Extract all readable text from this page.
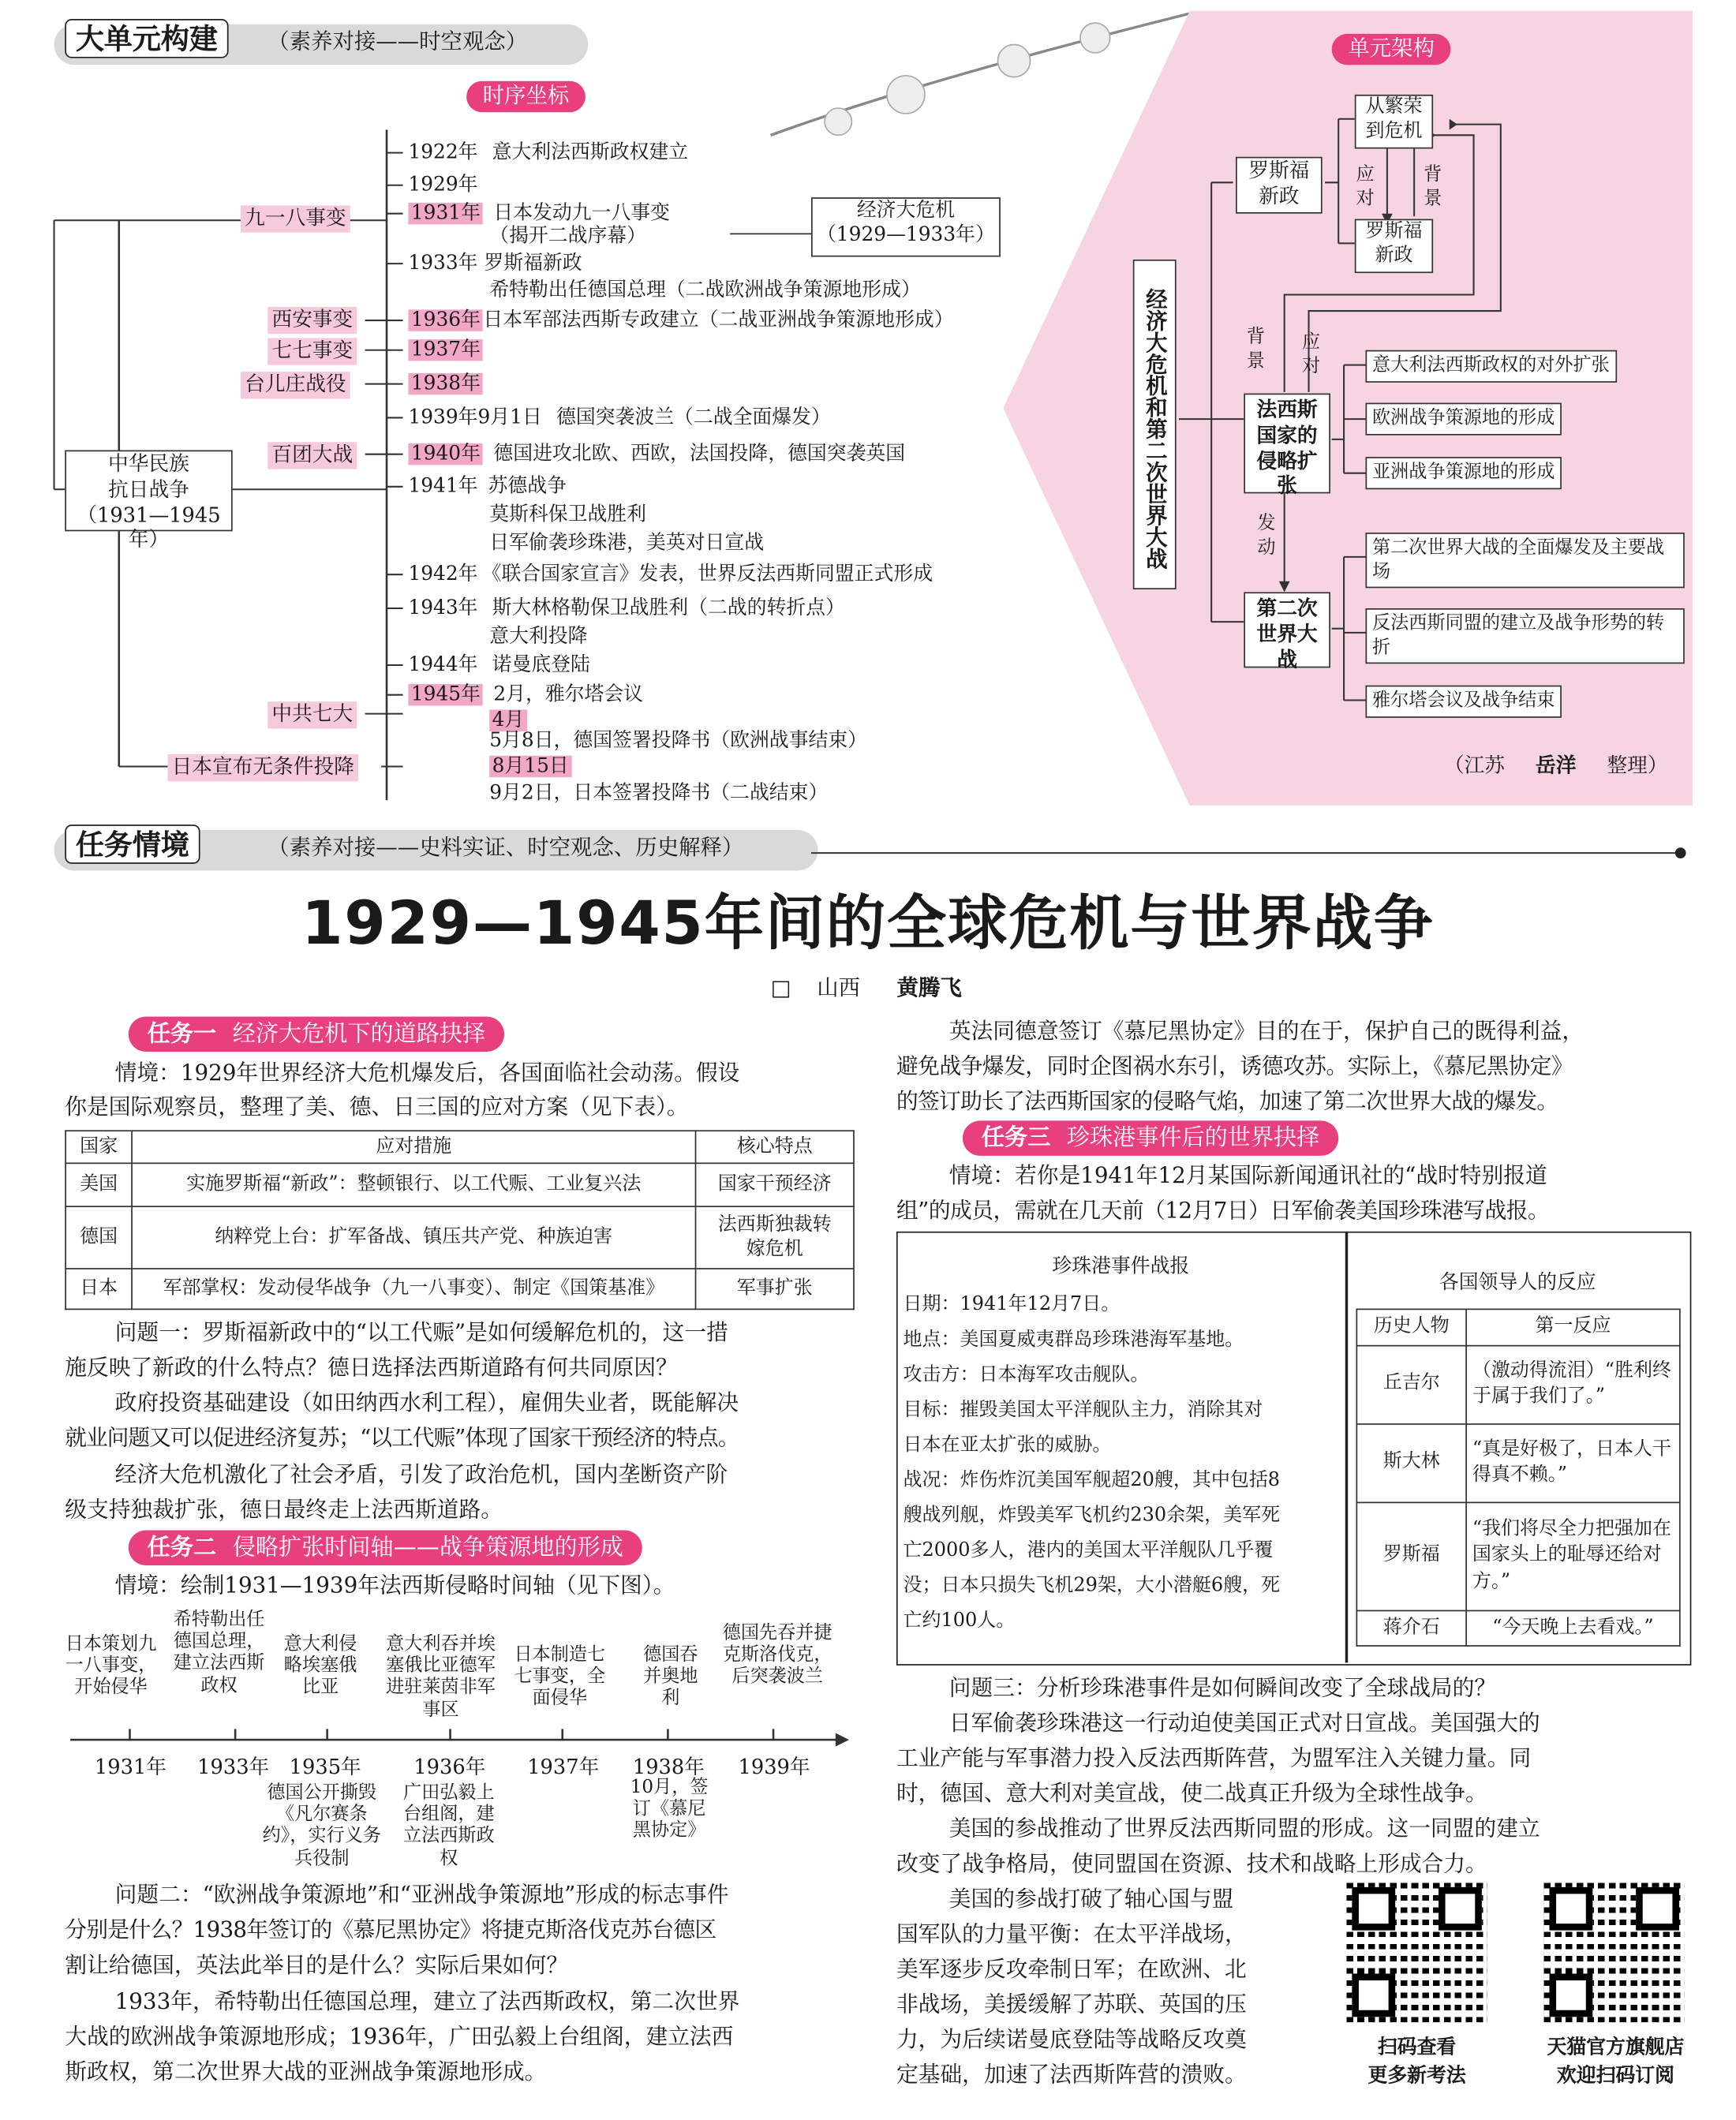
大单元构建	（素养对接——时空观念）
时序坐标
中华民族
抗日战争
（1931—1945年）
九一八事变
西安事变
七七事变
台儿庄战役
百团大战
中共七大
日本宣布无条件投降
经济大危机
（1929—1933年）
1922年 意大利法西斯政权建立
1929年
1931年 日本发动九一八事变
（揭开二战序幕）
1933年 罗斯福新政
希特勒出任德国总理（二战欧洲战争策源地形成）
1936年 日本军部法西斯专政建立（二战亚洲战争策源地形成）
1937年
1938年
1939年9月1日 德国突袭波兰（二战全面爆发）
1940年 德国进攻北欧、西欧，法国投降，德国突袭英国
1941年 苏德战争
莫斯科保卫战胜利
日军偷袭珍珠港，美英对日宣战
1942年 《联合国家宣言》发表，世界反法西斯同盟正式形成
1943年 斯大林格勒保卫战胜利（二战的转折点）
意大利投降
1944年 诺曼底登陆
1945年 2月，雅尔塔会议
4月
5月8日，德国签署投降书（欧洲战事结束）
8月15日
9月2日，日本签署投降书（二战结束）
单元架构
经济大危机和第二次世界大战
罗斯福新政
从繁荣到危机
罗斯福新政
应对
背景
背景
应对
法西斯国家的侵略扩张
发动
第二次世界大战
意大利法西斯政权的对外扩张
欧洲战争策源地的形成
亚洲战争策源地的形成
第二次世界大战的全面爆发及主要战场
反法西斯同盟的建立及战争形势的转折
雅尔塔会议及战争结束
（江苏	岳洋	整理）
任务情境	（素养对接——史料实证、时空观念、历史解释）
1929—1945年间的全球危机与世界战争
□ 山西	黄腾飞
任务一 经济大危机下的道路抉择
情境：1929年世界经济大危机爆发后，各国面临社会动荡。假设
你是国际观察员，整理了美、德、日三国的应对方案（见下表）。
国家	应对措施	核心特点
美国	实施罗斯福“新政”：整顿银行、以工代赈、工业复兴法	国家干预经济
德国	纳粹党上台：扩军备战、镇压共产党、种族迫害	法西斯独裁转嫁危机

日本	军部掌权：发动侵华战争（九一八事变）、制定《国策基准》	军事扩张
问题一：罗斯福新政中的“以工代赈”是如何缓解危机的，这一措
施反映了新政的什么特点？德日选择法西斯道路有何共同原因？
政府投资基础建设（如田纳西水利工程），雇佣失业者，既能解决
就业问题又可以促进经济复苏；“以工代赈”体现了国家干预经济的特点。
经济大危机激化了社会矛盾，引发了政治危机，国内垄断资产阶
级支持独裁扩张，德日最终走上法西斯道路。
任务二 侵略扩张时间轴——战争策源地的形成
情境：绘制1931—1939年法西斯侵略时间轴（见下图）。
日本策划九一八事变，开始侵华
希特勒出任德国总理，建立法西斯政权
意大利侵略埃塞俄比亚
意大利吞并埃塞俄比亚德军进驻莱茵非军事区
日本制造七七事变，全面侵华
德国吞并奥地利
德国先吞并捷克斯洛伐克，后突袭波兰
1931年	1933年 1935年	1936年	1937年	1938年	1939年
德国公开撕毁《凡尔赛条约》，实行义务兵役制
广田弘毅上台组阁，建立法西斯政权
10月，签订《慕尼黑协定》
问题二：“欧洲战争策源地”和“亚洲战争策源地”形成的标志事件
分别是什么？1938年签订的《慕尼黑协定》将捷克斯洛伐克苏台德区
割让给德国，英法此举目的是什么？实际后果如何？
1933年，希特勒出任德国总理，建立了法西斯政权，第二次世界
大战的欧洲战争策源地形成；1936年，广田弘毅上台组阁，建立法西
斯政权，第二次世界大战的亚洲战争策源地形成。
英法同德意签订《慕尼黑协定》目的在于，保护自己的既得利益，
避免战争爆发，同时企图祸水东引，诱德攻苏。实际上，《慕尼黑协定》
的签订助长了法西斯国家的侵略气焰，加速了第二次世界大战的爆发。
任务三 珍珠港事件后的世界抉择
情境：若你是1941年12月某国际新闻通讯社的“战时特别报道
组”的成员，需就在几天前（12月7日）日军偷袭美国珍珠港写战报。
珍珠港事件战报
日期：1941年12月7日。
地点：美国夏威夷群岛珍珠港海军基地。
攻击方：日本海军攻击舰队。
目标：摧毁美国太平洋舰队主力，消除其对
日本在亚太扩张的威胁。
战况：炸伤炸沉美国军舰超20艘，其中包括8
艘战列舰，炸毁美军飞机约230余架，美军死
亡2000多人，港内的美国太平洋舰队几乎覆
没；日本只损失飞机29架，大小潜艇6艘，死
亡约100人。
各国领导人的反应
历史人物	第一反应
丘吉尔	（激动得流泪）“胜利终于属于我们了。”
斯大林	“真是好极了，日本人干得真不赖。”
罗斯福	“我们将尽全力把强加在国家头上的耻辱还给对方。”
蒋介石	“今天晚上去看戏。”
问题三：分析珍珠港事件是如何瞬间改变了全球战局的？
日军偷袭珍珠港这一行动迫使美国正式对日宣战。美国强大的
工业产能与军事潜力投入反法西斯阵营，为盟军注入关键力量。同
时，德国、意大利对美宣战，使二战真正升级为全球性战争。
美国的参战推动了世界反法西斯同盟的形成。这一同盟的建立
改变了战争格局，使同盟国在资源、技术和战略上形成合力。
美国的参战打破了轴心国与盟
国军队的力量平衡：在太平洋战场，
美军逐步反攻牵制日军；在欧洲、北
非战场，美援缓解了苏联、英国的压
力，为后续诺曼底登陆等战略反攻奠
定基础，加速了法西斯阵营的溃败。
扫码查看
更多新考法
天猫官方旗舰店
欢迎扫码订阅
